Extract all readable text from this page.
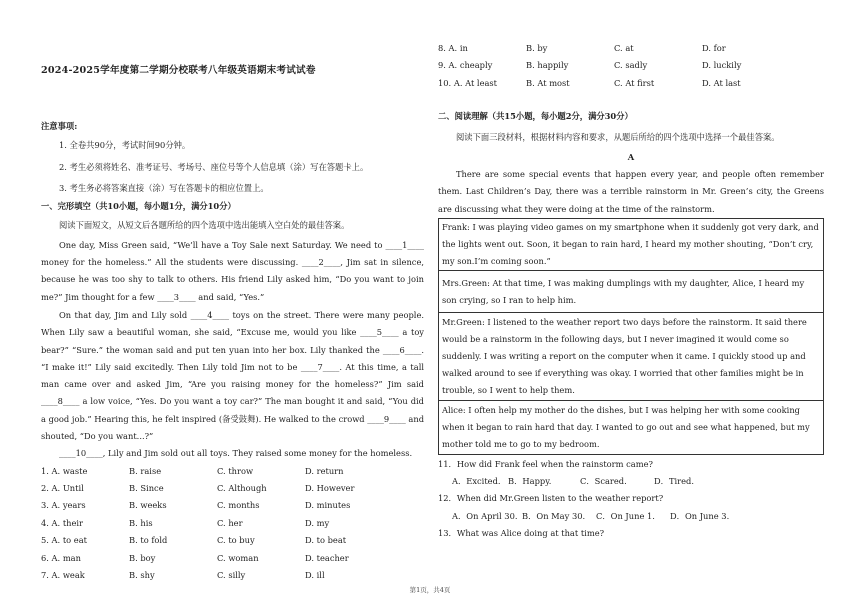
2024-2025学年度第二学期分校联考八年级英语期末考试试卷
注意事项:
1. 全卷共90分，考试时间90分钟。
2. 考生必须将姓名、准考证号、考场号、座位号等个人信息填（涂）写在答题卡上。
3. 考生务必将答案直接（涂）写在答题卡的相应位置上。
一、完形填空（共10小题，每小题1分，满分10分）
阅读下面短文，从短文后各题所给的四个选项中选出能填入空白处的最佳答案。
One day, Miss Green said, “We’ll have a Toy Sale next Saturday. We need to ____1____ money for the homeless.” All the students were discussing. ____2____, Jim sat in silence, because he was too shy to talk to others. His friend Lily asked him, “Do you want to join me?” Jim thought for a few ____3____ and said, “Yes.”
On that day, Jim and Lily sold ____4____ toys on the street. There were many people. When Lily saw a beautiful woman, she said, “Excuse me, would you like ____5____ a toy bear?” “Sure.” the woman said and put ten yuan into her box. Lily thanked the ____6____. “I make it!” Lily said excitedly. Then Lily told Jim not to be ____7____. At this time, a tall man came over and asked Jim, “Are you raising money for the homeless?” Jim said ____8____ a low voice, “Yes. Do you want a toy car?” The man bought it and said, “You did a good job.” Hearing this, he felt inspired (备受鼓舞). He walked to the crowd ____9____ and shouted, “Do you want...?”
____10____, Lily and Jim sold out all toys. They raised some money for the homeless.
1. A. waste	B. raise	C. throw	D. return
2. A. Until	B. Since	C. Although	D. However
3. A. years	B. weeks	C. months	D. minutes
4. A. their	B. his	C. her	D. my
5. A. to eat	B. to fold	C. to buy	D. to beat
6. A. man	B. boy	C. woman	D. teacher
7. A. weak	B. shy	C. silly	D. ill
8. A. in	B. by	C. at	D. for
9. A. cheaply	B. happily	C. sadly	D. luckily
10. A. At least	B. At most	C. At first	D. At last
二、阅读理解（共15小题，每小题2分，满分30分）
阅读下面三段材料，根据材料内容和要求，从题后所给的四个选项中选择一个最佳答案。
A
There are some special events that happen every year, and people often remember them. Last Children’s Day, there was a terrible rainstorm in Mr. Green’s city, the Greens are discussing what they were doing at the time of the rainstorm.
Frank: I was playing video games on my smartphone when it suddenly got very dark, and the lights went out. Soon, it began to rain hard, I heard my mother shouting, “Don’t cry, my son.I’m coming soon.”
Mrs.Green: At that time, I was making dumplings with my daughter, Alice, I heard my son crying, so I ran to help him.
Mr.Green: I listened to the weather report two days before the rainstorm. It said there would be a rainstorm in the following days, but I never imagined it would come so suddenly. I was writing a report on the computer when it came. I quickly stood up and walked around to see if everything was okay. I worried that other families might be in trouble, so I went to help them.
Alice: I often help my mother do the dishes, but I was helping her with some cooking when it began to rain hard that day. I wanted to go out and see what happened, but my mother told me to go to my bedroom.
11．How did Frank feel when the rainstorm came?
A．Excited. B．Happy.	C．Scared.	D．Tired.
12．When did Mr.Green listen to the weather report?
A．On April 30. B．On May 30.	C．On June 1.	D．On June 3.
13．What was Alice doing at that time?
第1页，共4页
